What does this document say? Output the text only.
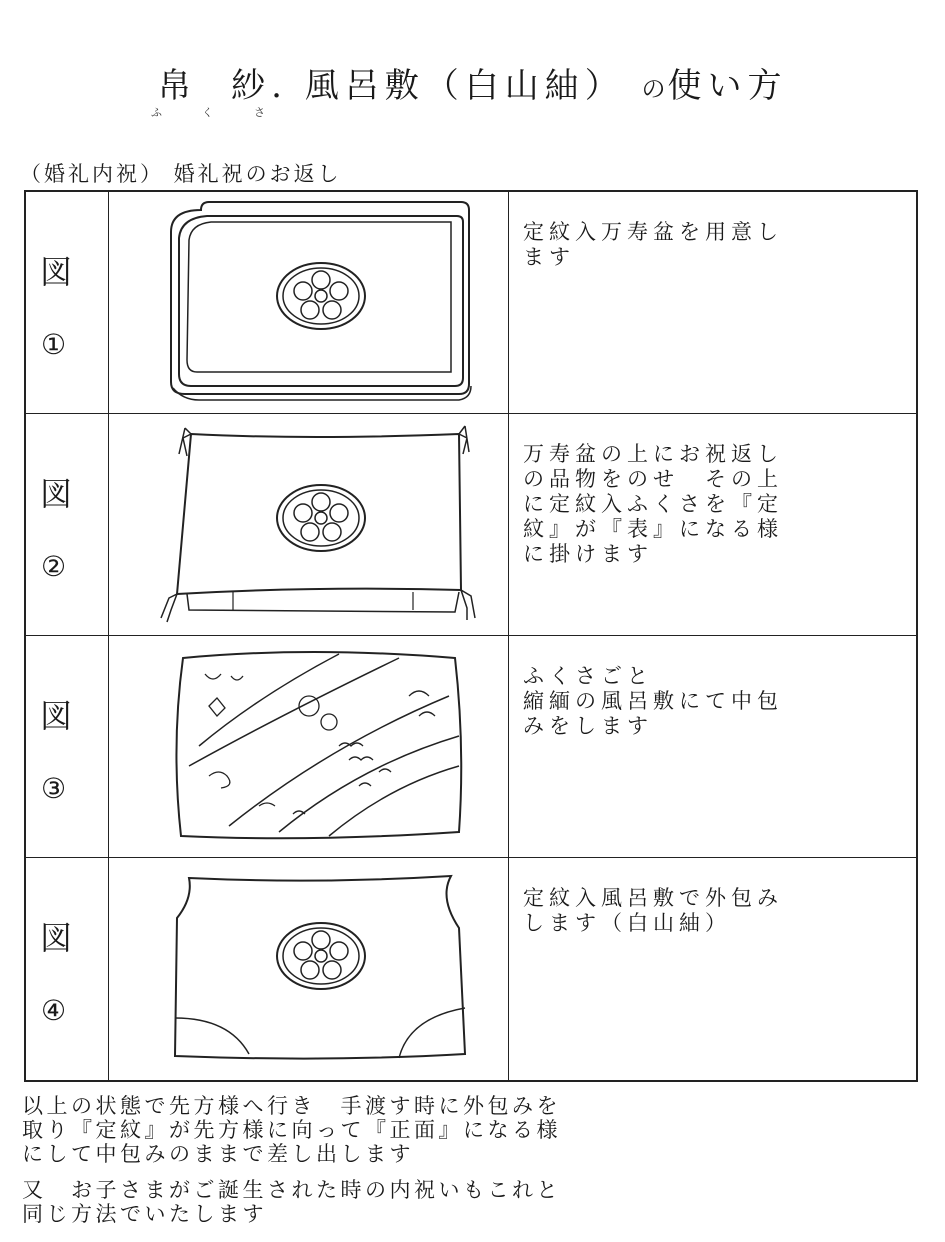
帛 紗. 風呂敷（白山紬） の使い方
ふ	く	さ
（婚礼内祝） 婚礼祝のお返し
図
①
定紋入万寿盆を用意し
ます
図
②
万寿盆の上にお祝返し
の品物をのせ　その上
に定紋入ふくさを『定
紋』が『表』になる様
に掛けます
図
③
ふくさごと
縮緬の風呂敷にて中包
みをします
図
④
定紋入風呂敷で外包み
します（白山紬）
以上の状態で先方様へ行き　手渡す時に外包みを
取り『定紋』が先方様に向って『正面』になる様
にして中包みのままで差し出します
又　お子さまがご誕生された時の内祝いもこれと
同じ方法でいたします
